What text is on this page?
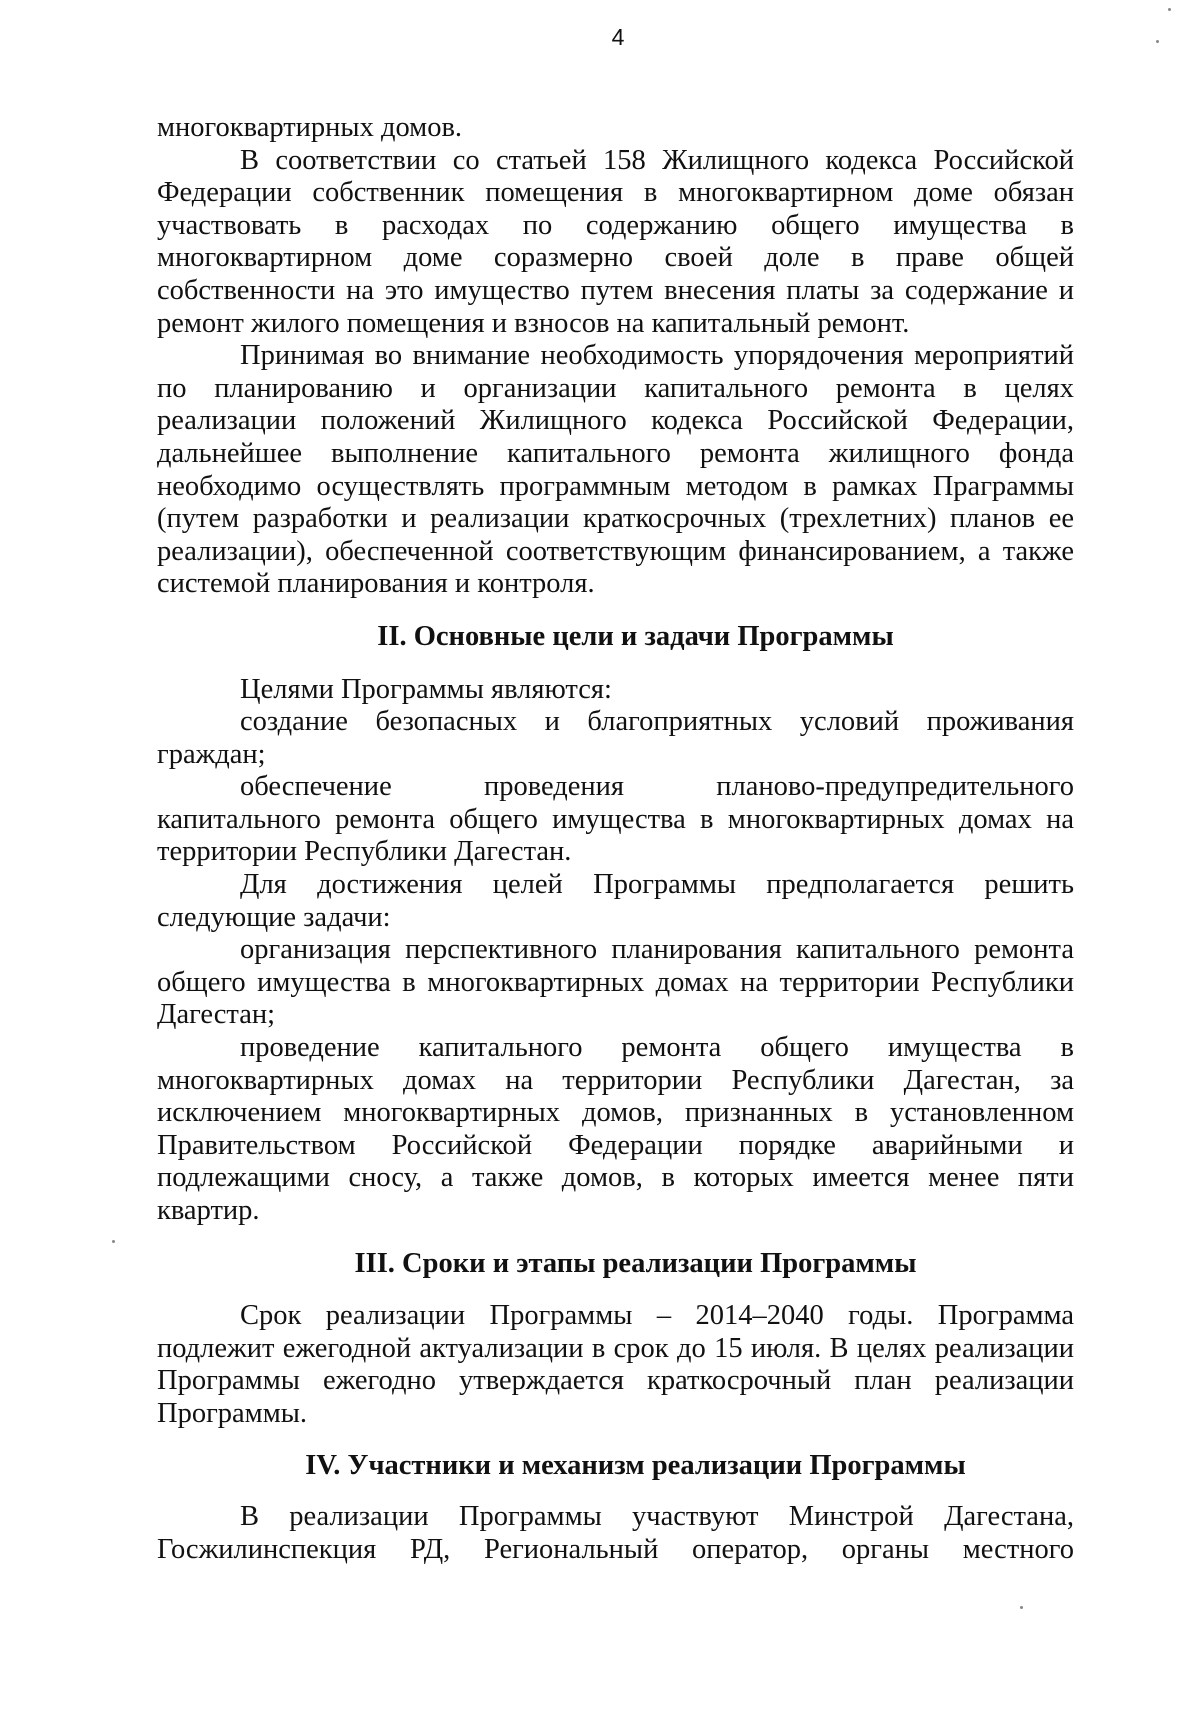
4

многоквартирных домов.

В соответствии со статьей 158 Жилищного кодекса Российской Федерации собственник помещения в многоквартирном доме обязан участвовать в расходах по содержанию общего имущества в многоквартирном доме соразмерно своей доле в праве общей собственности на это имущество путем внесения платы за содержание и ремонт жилого помещения и взносов на капитальный ремонт.

Принимая во внимание необходимость упорядочения мероприятий по планированию и организации капитального ремонта в целях реализации положений Жилищного кодекса Российской Федерации, дальнейшее выполнение капитального ремонта жилищного фонда необходимо осуществлять программным методом в рамках Праграммы (путем разработки и реализации краткосрочных (трехлетних) планов ее реализации), обеспеченной соответствующим финансированием, а также системой планирования и контроля.

II. Основные цели и задачи Программы

Целями Программы являются:

создание безопасных и благоприятных условий проживания граждан;

обеспечение проведения планово-предупредительного капитального ремонта общего имущества в многоквартирных домах на территории Республики Дагестан.

Для достижения целей Программы предполагается решить следующие задачи:

организация перспективного планирования капитального ремонта общего имущества в многоквартирных домах на территории Республики Дагестан;

проведение капитального ремонта общего имущества в многоквартирных домах на территории Республики Дагестан, за исключением многоквартирных домов, признанных в установленном Правительством Российской Федерации порядке аварийными и подлежащими сносу, а также домов, в которых имеется менее пяти квартир.

III. Сроки и этапы реализации Программы

Срок реализации Программы – 2014–2040 годы. Программа подлежит ежегодной актуализации в срок до 15 июля. В целях реализации Программы ежегодно утверждается краткосрочный план реализации Программы.

IV. Участники и механизм реализации Программы

В реализации Программы участвуют Минстрой Дагестана, Госжилинспекция РД, Региональный оператор, органы местного
